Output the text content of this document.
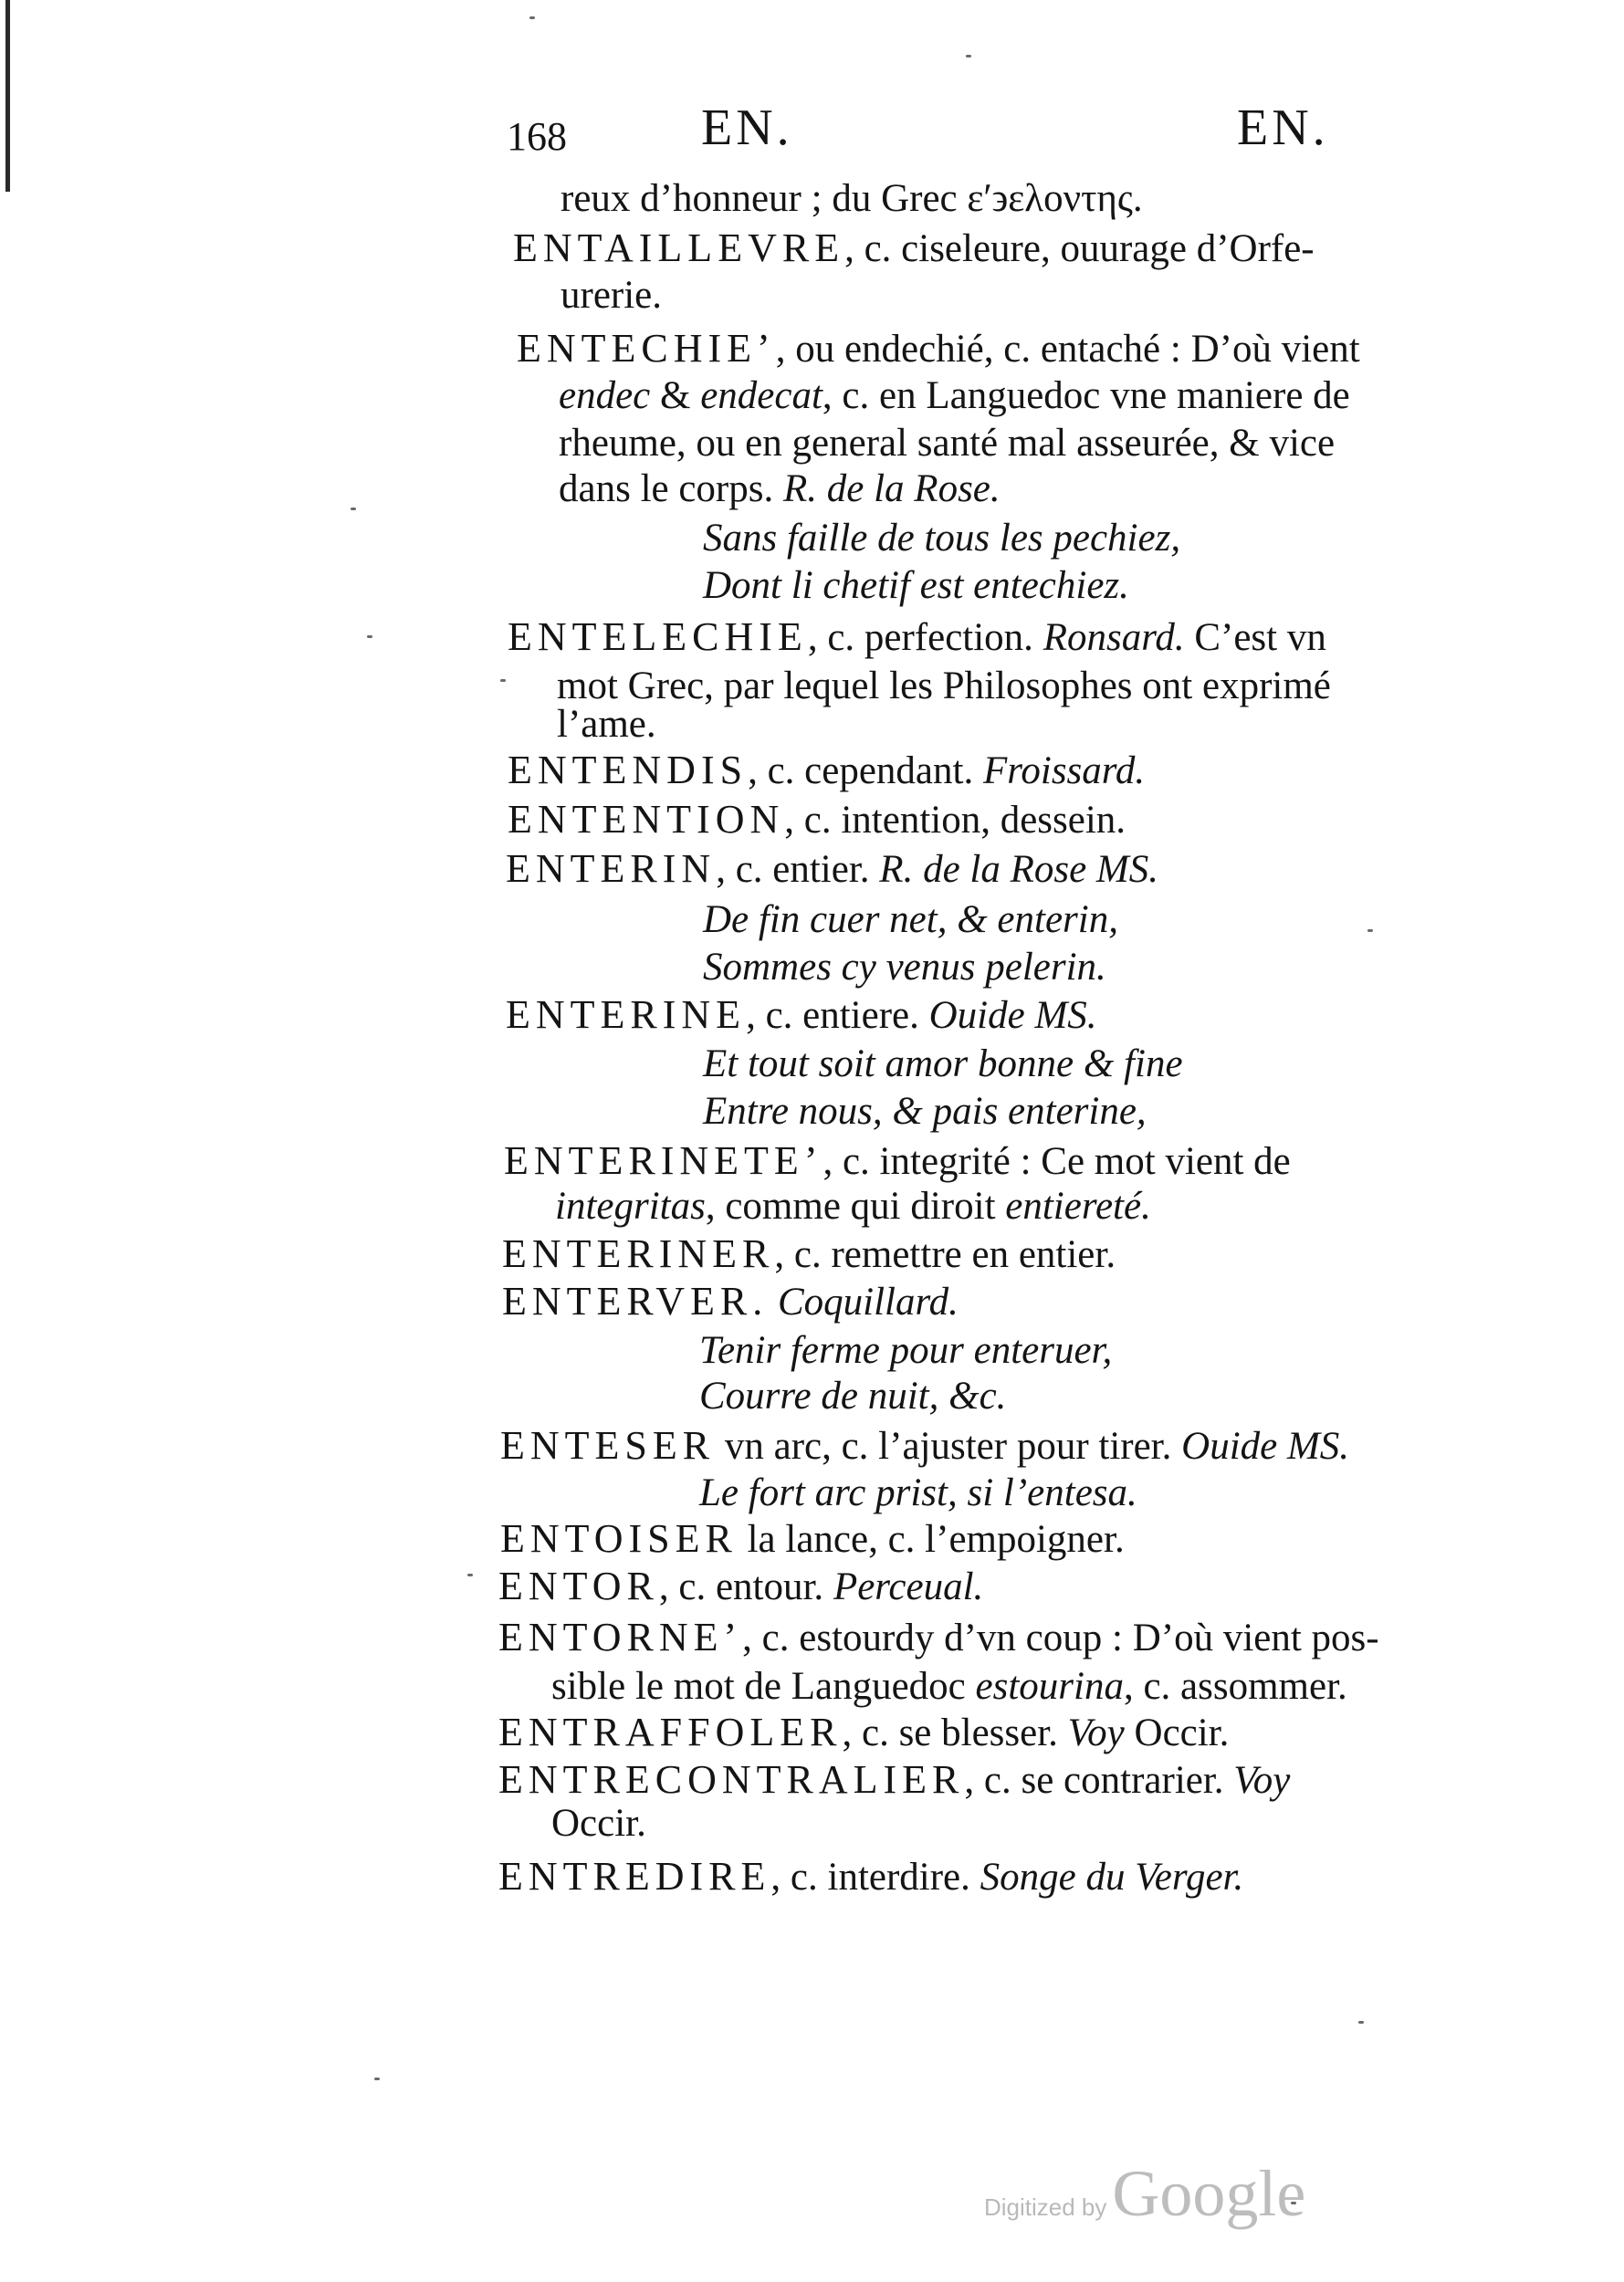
168	EN.	EN.
reux d’honneur ; du Grec εʹ϶ελοντης.
ENTAILLEVRE, c. ciseleure, ouurage d’Orfe-
urerie.
ENTECHIE’, ou endechié, c. entaché : D’où vient
endec & endecat, c. en Languedoc vne maniere de
rheume, ou en general santé mal asseurée, & vice
dans le corps. R. de la Rose.
Sans faille de tous les pechiez,
Dont li chetif est entechiez.
ENTELECHIE, c. perfection. Ronsard. C’est vn
mot Grec, par lequel les Philosophes ont exprimé
l’ame.
ENTENDIS, c. cependant. Froissard.
ENTENTION, c. intention, dessein.
ENTERIN, c. entier. R. de la Rose MS.
De fin cuer net, & enterin,
Sommes cy venus pelerin.
ENTERINE, c. entiere. Ouide MS.
Et tout soit amor bonne & fine
Entre nous, & pais enterine,
ENTERINETE’, c. integrité : Ce mot vient de
integritas, comme qui diroit entiereté.
ENTERINER, c. remettre en entier.
ENTERVER. Coquillard.
Tenir ferme pour enteruer,
Courre de nuit, &c.
ENTESER vn arc, c. l’ajuster pour tirer. Ouide MS.
Le fort arc prist, si l’entesa.
ENTOISER la lance, c. l’empoigner.
ENTOR, c. entour. Perceual.
ENTORNE’, c. estourdy d’vn coup : D’où vient pos-
sible le mot de Languedoc estourina, c. assommer.
ENTRAFFOLER, c. se blesser. Voy Occir.
ENTRECONTRALIER, c. se contrarier. Voy
Occir.
ENTREDIRE, c. interdire. Songe du Verger.
Digitized byGoogle
